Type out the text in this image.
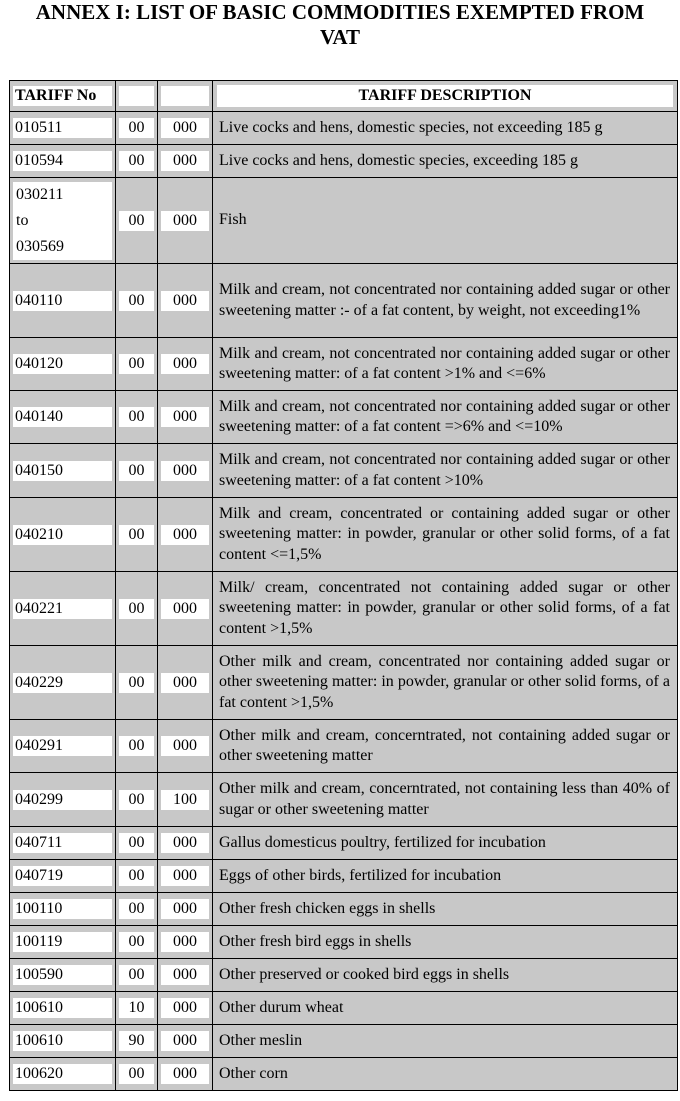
ANNEX I: LIST OF BASIC COMMODITIES EXEMPTED FROM
VAT
TARIFF No			TARIFF DESCRIPTION

010511	00	000	Live cocks and hens, domestic species, not exceeding 185 g

010594	00	000	Live cocks and hens, domestic species, exceeding 185 g

030211
to
030569	00	000	Fish

040110	00	000	Milk and cream, not concentrated nor containing added sugar or other sweetening matter :- of a fat content, by weight, not exceeding1%

040120	00	000	Milk and cream, not concentrated nor containing added sugar or other sweetening matter: of a fat content >1% and <=6%

040140	00	000	Milk and cream, not concentrated nor containing added sugar or other sweetening matter: of a fat content =>6% and <=10%

040150	00	000	Milk and cream, not concentrated nor containing added sugar or other sweetening matter: of a fat content >10%

040210	00	000	Milk and cream, concentrated or containing added sugar or other sweetening matter: in powder, granular or other solid forms, of a fat content <=1,5%

040221	00	000	Milk/ cream, concentrated not containing added sugar or other sweetening matter: in powder, granular or other solid forms, of a fat content >1,5%

040229	00	000	Other milk and cream, concentrated nor containing added sugar or other sweetening matter: in powder, granular or other solid forms, of a fat content >1,5%

040291	00	000	Other milk and cream, concerntrated, not containing added sugar or other sweetening matter

040299	00	100	Other milk and cream, concerntrated, not containing less than 40% of sugar or other sweetening matter

040711	00	000	Gallus domesticus poultry, fertilized for incubation

040719	00	000	Eggs of other birds, fertilized for incubation

100110	00	000	Other fresh chicken eggs in shells

100119	00	000	Other fresh bird eggs in shells

100590	00	000	Other preserved or cooked bird eggs in shells

100610	10	000	Other durum wheat

100610	90	000	Other meslin

100620	00	000	Other corn
